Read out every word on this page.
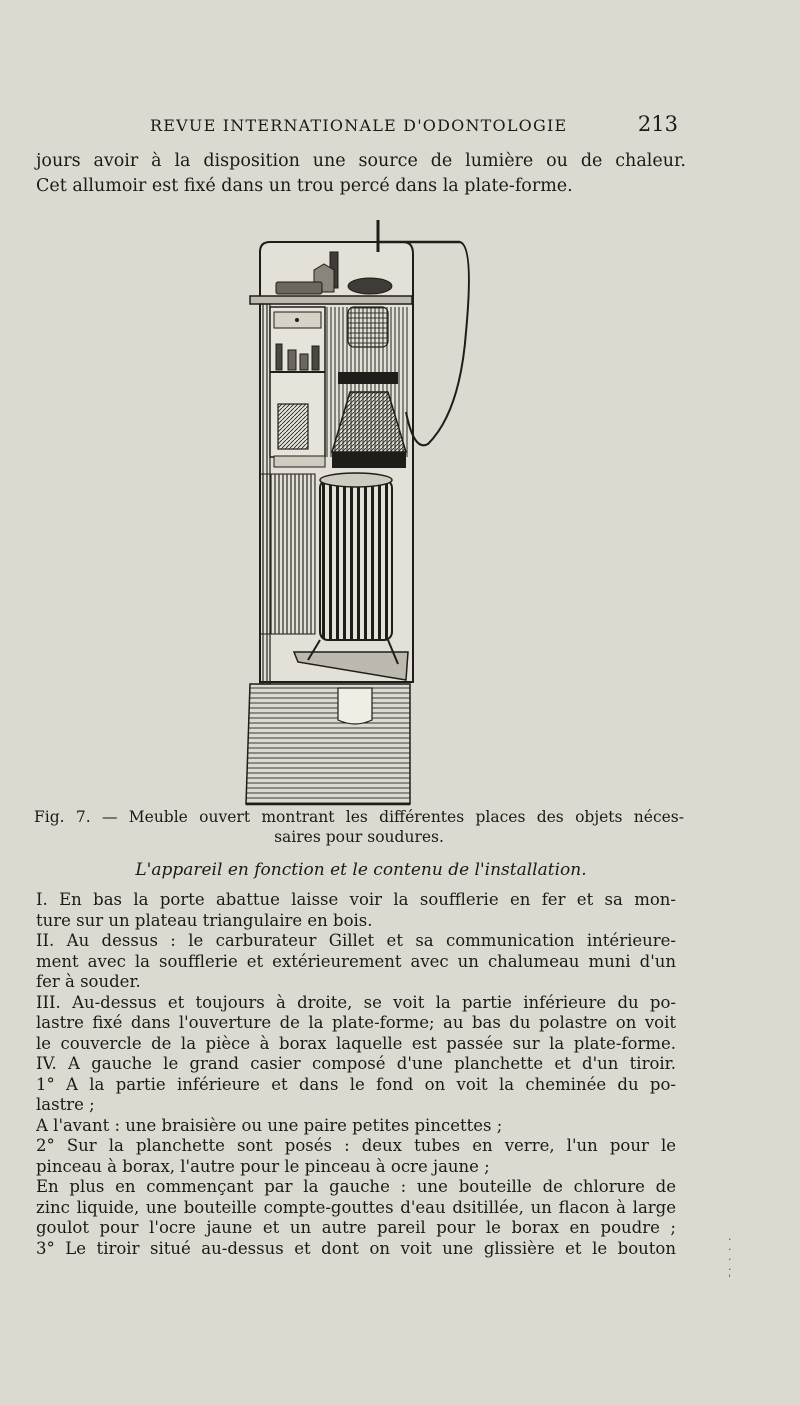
REVUE INTERNATIONALE D'ODONTOLOGIE	213
jours avoir à la disposition une source de lumière ou de chaleur.
Cet allumoir est fixé dans un trou percé dans la plate-forme.
Fig. 7. — Meuble ouvert montrant les différentes places des objets néces-
saires pour soudures.
L'appareil en fonction et le contenu de l'installation.
I. En bas la porte abattue laisse voir la soufflerie en fer et sa mon-
ture sur un plateau triangulaire en bois.
II. Au dessus : le carburateur Gillet et sa communication intérieure-
ment avec la soufflerie et extérieurement avec un chalumeau muni d'un
fer à souder.
III. Au-dessus et toujours à droite, se voit la partie inférieure du po-
lastre fixé dans l'ouverture de la plate-forme; au bas du polastre on voit
le couvercle de la pièce à borax laquelle est passée sur la plate-forme.
IV. A gauche le grand casier composé d'une planchette et d'un tiroir.
1° A la partie inférieure et dans le fond on voit la cheminée du po-
lastre ;
A l'avant : une braisière ou une paire petites pincettes ;
2° Sur la planchette sont posés : deux tubes en verre, l'un pour le
pinceau à borax, l'autre pour le pinceau à ocre jaune ;
En plus en commençant par la gauche : une bouteille de chlorure de
zinc liquide, une bouteille compte-gouttes d'eau dsitillée, un flacon à large
goulot pour l'ocre jaune et un autre pareil pour le borax en poudre ;
3° Le tiroir situé au-dessus et dont on voit une glissière et le bouton	·
·
·
·
ˈ
